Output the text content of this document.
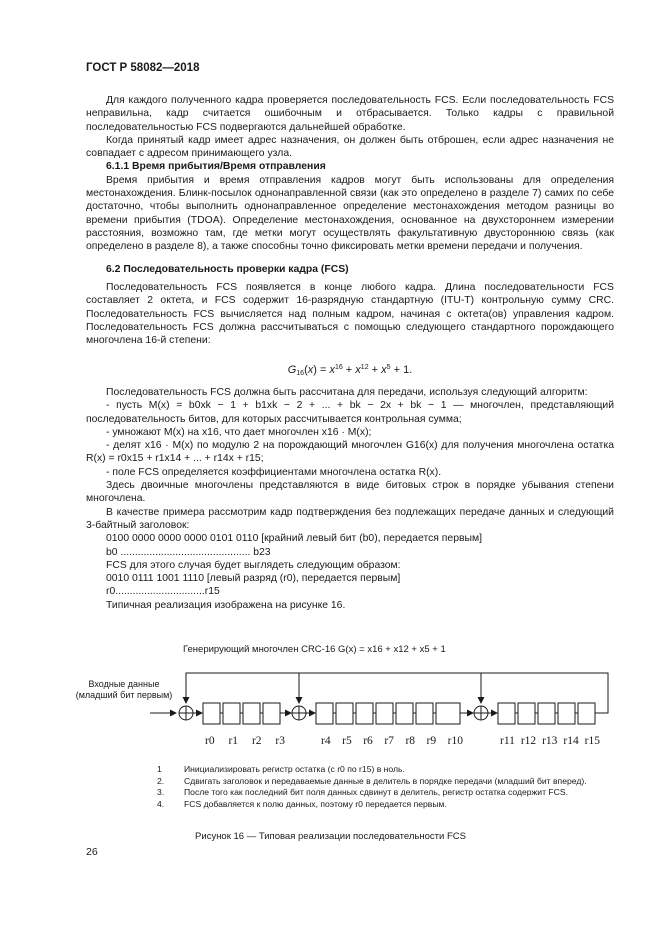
ГОСТ Р 58082—2018

Для каждого полученного кадра проверяется последовательность FCS. Если последовательность FCS неправильна, кадр считается ошибочным и отбрасывается. Только кадры с правильной последовательностью FCS подвергаются дальнейшей обработке.

Когда принятый кадр имеет адрес назначения, он должен быть отброшен, если адрес назначения не совпадает с адресом принимающего узла.

6.1.1 Время прибытия/Время отправления

Время прибытия и время отправления кадров могут быть использованы для определения местонахождения. Блинк-посылок однонаправленной связи (как это определено в разделе 7) самих по себе достаточно, чтобы выполнить однонаправленное определение местонахождения методом разницы во времени прибытия (TDOA). Определение местонахождения, основанное на двухстороннем измерении расстояния, возможно там, где метки могут осуществлять факультативную двустороннюю связь (как определено в разделе 8), а также способны точно фиксировать метки времени передачи и получения.

6.2 Последовательность проверки кадра (FCS)

Последовательность FCS появляется в конце любого кадра. Длина последовательности FCS составляет 2 октета, и FCS содержит 16-разрядную стандартную (ITU-T) контрольную сумму CRC. Последовательность FCS вычисляется над полным кадром, начиная с октета(ов) управления кадром. Последовательность FCS должна рассчитываться с помощью следующего стандартного порождающего многочлена 16-й степени:

$G_{16}(x) = x^{16} + x^{12} + x^5 + 1$.

Последовательность FCS должна быть рассчитана для передачи, используя следующий алгоритм:

- пусть M(x) = b0xk − 1 + b1xk − 2 + ... + bk − 2x + bk − 1 — многочлен, представляющий последовательность битов, для которых рассчитывается контрольная сумма;

- умножают M(x) на x16, что дает многочлен x16 · M(x);

- делят x16 · M(x) по модулю 2 на порождающий многочлен G16(x) для получения многочлена остатка R(x) = r0x15 + r1x14 + ... + r14x + r15;

- поле FCS определяется коэффициентами многочлена остатка R(x).

Здесь двоичные многочлены представляются в виде битовых строк в порядке убывания степени многочлена.

В качестве примера рассмотрим кадр подтверждения без подлежащих передаче данных и следующий 3-байтный заголовок:

0100 0000 0000 0000 0101 0110 [крайний левый бит (b0), передается первым]

b0 ............................................. b23

FCS для этого случая будет выглядеть следующим образом:

0010 0111 1001 1110 [левый разряд (r0), передается первым]

r0...............................r15

Типичная реализация изображена на рисунке 16.

Генерирующий многочлен CRC-16 G(x) = x16 + x12 + x5 + 1
Входные данные
(младший бит первым)
r0 r1 r2 r3	r4 r5 r6 r7 r8 r9 r10	r11 r12 r13 r14 r15
1	Инициализировать регистр остатка (с r0 по r15) в ноль.
2.	Сдвигать заголовок и передаваемые данные в делитель в порядке передачи (младший бит вперед).
3.	После того как последний бит поля данных сдвинут в делитель, регистр остатка содержит FCS.
4.	FCS добавляется к полю данных, поэтому r0 передается первым.
Рисунок 16 — Типовая реализации последовательности FCS
26
